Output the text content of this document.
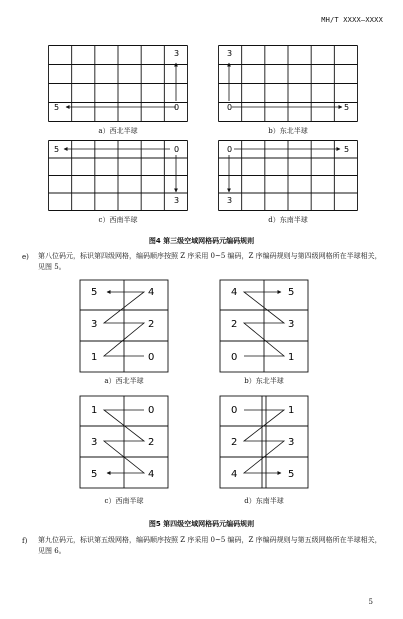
MH/T XXXX—XXXX
0
5
3
a）西北半球
0	5
3
b）东北半球
0
5
3
c）西南半球
0	5
3
d）东南半球
图4 第三级空域网格码元编码规则
e) 第八位码元，标识第四级网格，编码顺序按照 Z 序采用 0~5 编码，Z 序编码规则与第四级网格所在半球相关，见图 5。
5	4
3	2
1	0
a）西北半球
4	5
2	3
0	1
b）东北半球
1	0
3	2
5	4
c）西南半球
0	1
2	3
4	5
d）东南半球
图5 第四级空域网格码元编码规则
f) 第九位码元，标识第五级网格，编码顺序按照 Z 序采用 0~5 编码，Z 序编码规则与第五级网格所在半球相关，见图 6。
5
